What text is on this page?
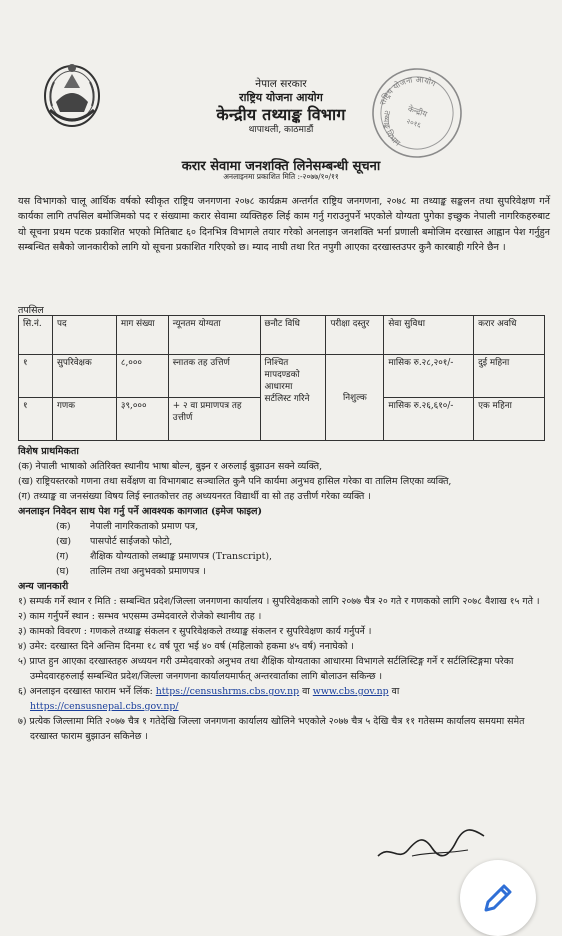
नेपाल सरकार
राष्ट्रिय योजना आयोग
केन्द्रीय तथ्याङ्क विभाग
थापाथली, काठमाडौं
राष्ट्रिय योजना आयोग
तथ्याङ्क विभाग
केन्द्रीय
२०१६
करार सेवामा जनशक्ति लिनेसम्बन्धी सूचना
अनलाइनमा प्रकाशित मिति :-२०७७/१०/११
यस विभागको चालू आर्थिक वर्षको स्वीकृत राष्ट्रिय जनगणना २०७८ कार्यक्रम अन्तर्गत राष्ट्रिय जनगणना, २०७८ मा तथ्याङ्क सङ्कलन तथा सुपरिवेक्षण गर्ने कार्यका लागि तपसिल बमोजिमको पद र संख्यामा करार सेवामा व्यक्तिहरु लिई काम गर्नु गराउनुपर्ने भएकोले योग्यता पुगेका इच्छुक नेपाली नागरिकहरुबाट यो सूचना प्रथम पटक प्रकाशित भएको मितिबाट ६० दिनभित्र विभागले तयार गरेको अनलाइन जनशक्ति भर्ना प्रणाली बमोजिम दरखास्त आह्वान पेश गर्नुहुन सम्बन्धित सबैको जानकारीको लागि यो सूचना प्रकाशित गरिएको छ। म्याद नाघी तथा रित नपुगी आएका दरखास्तउपर कुनै कारबाही गरिने छैन ।
तपसिल
सि.नं.	पद	माग संख्या	न्यूनतम योग्यता	छनौट विधि	परीक्षा दस्तुर	सेवा सुविधा	करार अवधि
१	सुपरिवेक्षक	८,०००	स्नातक तह उत्तिर्ण	निश्चित मापदण्डको आधारमा सर्टलिस्ट गरिने	निशुल्क	मासिक रु.२८,२०१/-	दुई महिना
१	गणक	३९,०००	+ २ वा प्रमाणपत्र तह उत्तीर्ण			मासिक रु.२६,६१०/-	एक महिना

विशेष प्राथमिकता

(क) नेपाली भाषाको अतिरिक्त स्थानीय भाषा बोल्न, बुझ्न र अरुलाई बुझाउन सक्ने व्यक्ति,

(ख) राष्ट्रियस्तरको गणना तथा सर्वेक्षण वा विभागबाट सञ्चालित कुनै पनि कार्यमा अनुभव हासिल गरेका वा तालिम लिएका व्यक्ति,

(ग) तथ्याङ्क वा जनसंख्या विषय लिई स्नातकोत्तर तह अध्ययनरत विद्यार्थी वा सो तह उत्तीर्ण गरेका व्यक्ति ।

अनलाइन निवेदन साथ पेश गर्नु पर्ने आवश्यक कागजात (इमेज फाइल)

(क) नेपाली नागरिकताको प्रमाण पत्र,

(ख) पासपोर्ट साईजको फोटो,

(ग) शैक्षिक योग्यताको लब्धाङ्क प्रमाणपत्र (Transcript),

(घ) तालिम तथा अनुभवको प्रमाणपत्र ।

अन्य जानकारी

१) सम्पर्क गर्ने स्थान र मिति : सम्बन्धित प्रदेश/जिल्ला जनगणना कार्यालय । सुपरिवेक्षकको लागि २०७७ चैत्र २० गते र गणकको लागि २०७८ वैशाख १५ गते ।

२) काम गर्नुपर्ने स्थान : सम्भव भएसम्म उम्मेदवारले रोजेको स्थानीय तह ।

३) कामको विवरण : गणकले तथ्याङ्क संकलन र सुपरिवेक्षकले तथ्याङ्क संकलन र सुपरिवेक्षण कार्य गर्नुपर्ने ।

४) उमेर: दरखास्त दिने अन्तिम दिनमा १८ वर्ष पूरा भई ४० वर्ष (महिलाको हकमा ४५ वर्ष) ननाघेको ।

५) प्राप्त हुन आएका दरखास्तहरु अध्ययन गरी उम्मेदवारको अनुभव तथा शैक्षिक योग्यताका आधारमा विभागले सर्टलिस्टिङ्ग गर्ने र सर्टलिस्टिङ्गमा परेका उम्मेदवारहरुलाई सम्बन्धित प्रदेश/जिल्ला जनगणना कार्यालयमार्फत् अन्तरवार्ताका लागि बोलाउन सकिन्छ ।

६) अनलाइन दरखास्त फाराम भर्ने लिंक: https://censushrms.cbs.gov.np वा www.cbs.gov.np वा
https://censusnepal.cbs.gov.np/

७) प्रत्येक जिल्लामा मिति २०७७ चैत्र १ गतेदेखि जिल्ला जनगणना कार्यालय खोलिने भएकोले २०७७ चैत्र ५ देखि चैत्र ११ गतेसम्म कार्यालय समयमा समेत दरखास्त फाराम बुझाउन सकिनेछ ।
